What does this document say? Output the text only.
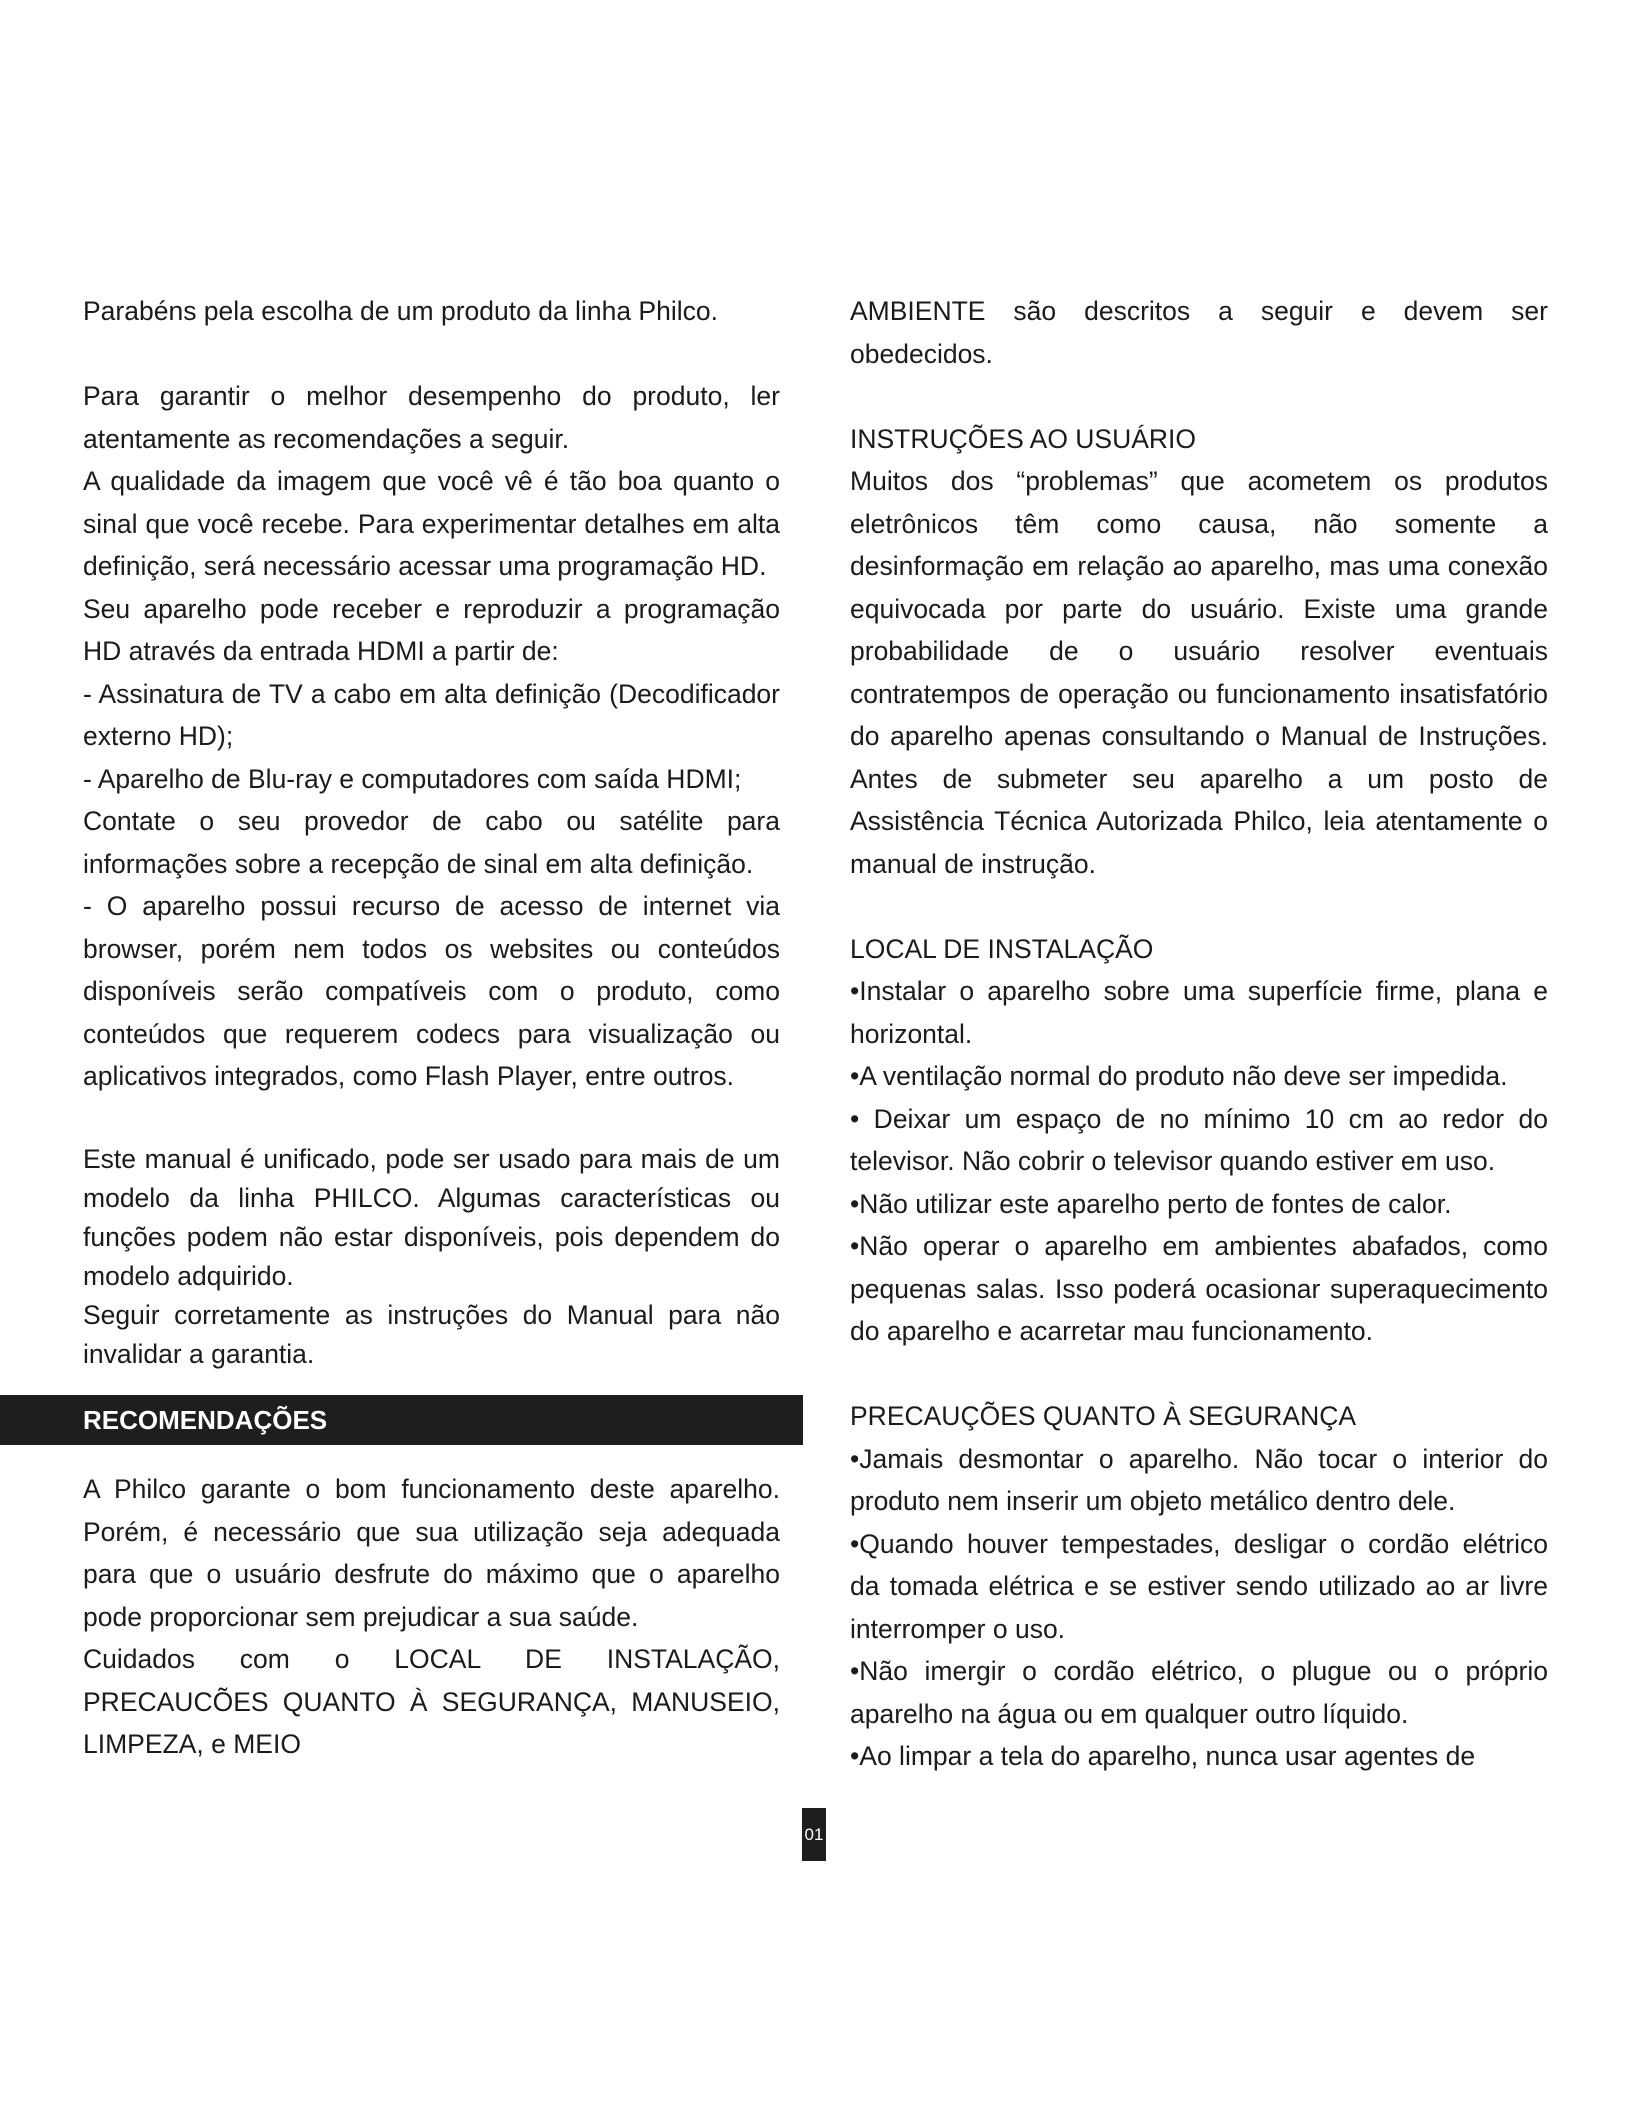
Parabéns pela escolha de um produto da linha Philco.

Para garantir o melhor desempenho do produto, ler atentamente as recomendações a seguir.

A qualidade da imagem que você vê é tão boa quanto o sinal que você recebe. Para experimentar detalhes em alta definição, será necessário acessar uma programação HD.

Seu aparelho pode receber e reproduzir a programação HD através da entrada HDMI a partir de:

- Assinatura de TV a cabo em alta definição (Decodificador externo HD);

- Aparelho de Blu-ray e computadores com saída HDMI;

Contate o seu provedor de cabo ou satélite para informações sobre a recepção de sinal em alta definição.

- O aparelho possui recurso de acesso de internet via browser, porém nem todos os websites ou conteúdos disponíveis serão compatíveis com o produto, como conteúdos que requerem codecs para visualização ou aplicativos integrados, como Flash Player, entre outros.

Este manual é unificado, pode ser usado para mais de um modelo da linha PHILCO. Algumas características ou funções podem não estar disponíveis, pois dependem do modelo adquirido.

Seguir corretamente as instruções do Manual para não invalidar a garantia.

RECOMENDAÇÕES

A Philco garante o bom funcionamento deste aparelho. Porém, é necessário que sua utilização seja adequada para que o usuário desfrute do máximo que o aparelho pode proporcionar sem prejudicar a sua saúde.

Cuidados com o LOCAL DE INSTALAÇÃO, PRECAUCÕES QUANTO À SEGURANÇA, MANUSEIO, LIMPEZA, e MEIO

AMBIENTE são descritos a seguir e devem ser obedecidos.

INSTRUÇÕES AO USUÁRIO

Muitos dos “problemas” que acometem os produtos eletrônicos têm como causa, não somente a desinformação em relação ao aparelho, mas uma conexão equivocada por parte do usuário. Existe uma grande probabilidade de o usuário resolver eventuais contratempos de operação ou funcionamento insatisfatório do aparelho apenas consultando o Manual de Instruções. Antes de submeter seu aparelho a um posto de Assistência Técnica Autorizada Philco, leia atentamente o manual de instrução.

LOCAL DE INSTALAÇÃO

•Instalar o aparelho sobre uma superfície firme, plana e horizontal.

•A ventilação normal do produto não deve ser impedida.

• Deixar um espaço de no mínimo 10 cm ao redor do televisor. Não cobrir o televisor quando estiver em uso.

•Não utilizar este aparelho perto de fontes de calor.

•Não operar o aparelho em ambientes abafados, como pequenas salas. Isso poderá ocasionar superaquecimento do aparelho e acarretar mau funcionamento.

PRECAUÇÕES QUANTO À SEGURANÇA

•Jamais desmontar o aparelho. Não tocar o interior do produto nem inserir um objeto metálico dentro dele.

•Quando houver tempestades, desligar o cordão elétrico da tomada elétrica e se estiver sendo utilizado ao ar livre interromper o uso.

•Não imergir o cordão elétrico, o plugue ou o próprio aparelho na água ou em qualquer outro líquido.

•Ao limpar a tela do aparelho, nunca usar agentes de

01
